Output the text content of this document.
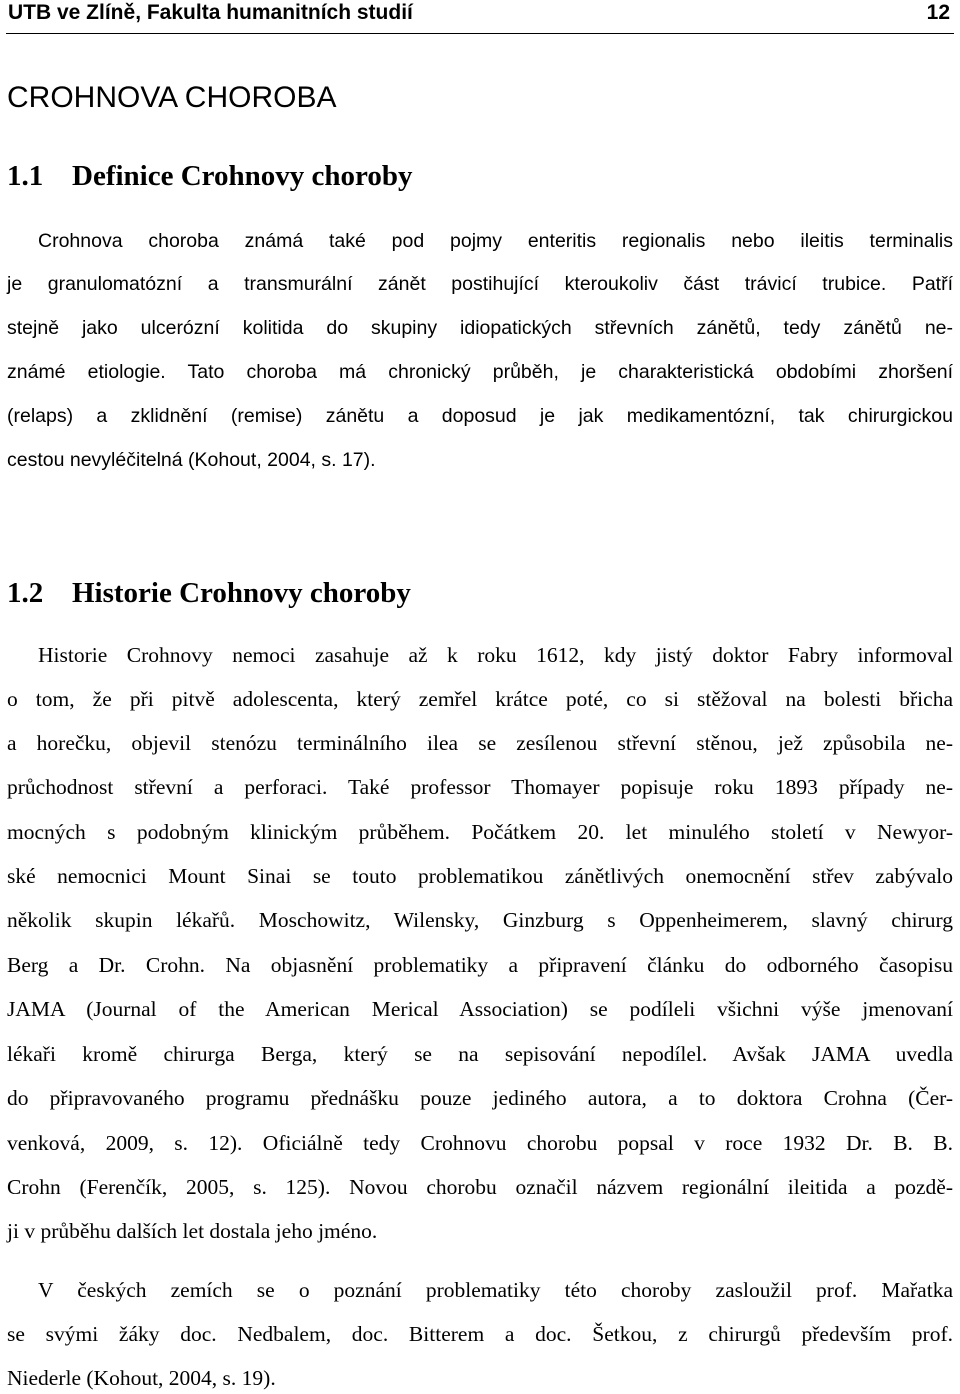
UTB ve Zlíně, Fakulta humanitních studií	12
CROHNOVA CHOROBA
1.1 Definice Crohnovy choroby
Crohnova choroba známá také pod pojmy enteritis regionalis nebo ileitis terminalis
je granulomatózní a transmurální zánět postihující kteroukoliv část trávicí trubice. Patří
stejně jako ulcerózní kolitida do skupiny idiopatických střevních zánětů, tedy zánětů ne-
známé etiologie. Tato choroba má chronický průběh, je charakteristická obdobími zhoršení
(relaps) a zklidnění (remise) zánětu a doposud je jak medikamentózní, tak chirurgickou
cestou nevyléčitelná (Kohout, 2004, s. 17).
1.2 Historie Crohnovy choroby
Historie Crohnovy nemoci zasahuje až k roku 1612, kdy jistý doktor Fabry informoval
o tom, že při pitvě adolescenta, který zemřel krátce poté, co si stěžoval na bolesti břicha
a horečku, objevil stenózu terminálního ilea se zesílenou střevní stěnou, jež způsobila ne-
průchodnost střevní a perforaci. Také professor Thomayer popisuje roku 1893 případy ne-
mocných s podobným klinickým průběhem. Počátkem 20. let minulého století v Newyor-
ské nemocnici Mount Sinai se touto problematikou zánětlivých onemocnění střev zabývalo
několik skupin lékařů. Moschowitz, Wilensky, Ginzburg s Oppenheimerem, slavný chirurg
Berg a Dr. Crohn. Na objasnění problematiky a připravení článku do odborného časopisu
JAMA (Journal of the American Merical Association) se podíleli všichni výše jmenovaní
lékaři kromě chirurga Berga, který se na sepisování nepodílel. Avšak JAMA uvedla
do připravovaného programu přednášku pouze jediného autora, a to doktora Crohna (Čer-
venková, 2009, s. 12). Oficiálně tedy Crohnovu chorobu popsal v roce 1932 Dr. B. B.
Crohn (Ferenčík, 2005, s. 125). Novou chorobu označil názvem regionální ileitida a pozdě-
ji v průběhu dalších let dostala jeho jméno.
V českých zemích se o poznání problematiky této choroby zasloužil prof. Mařatka
se svými žáky doc. Nedbalem, doc. Bitterem a doc. Šetkou, z chirurgů především prof.
Niederle (Kohout, 2004, s. 19).
